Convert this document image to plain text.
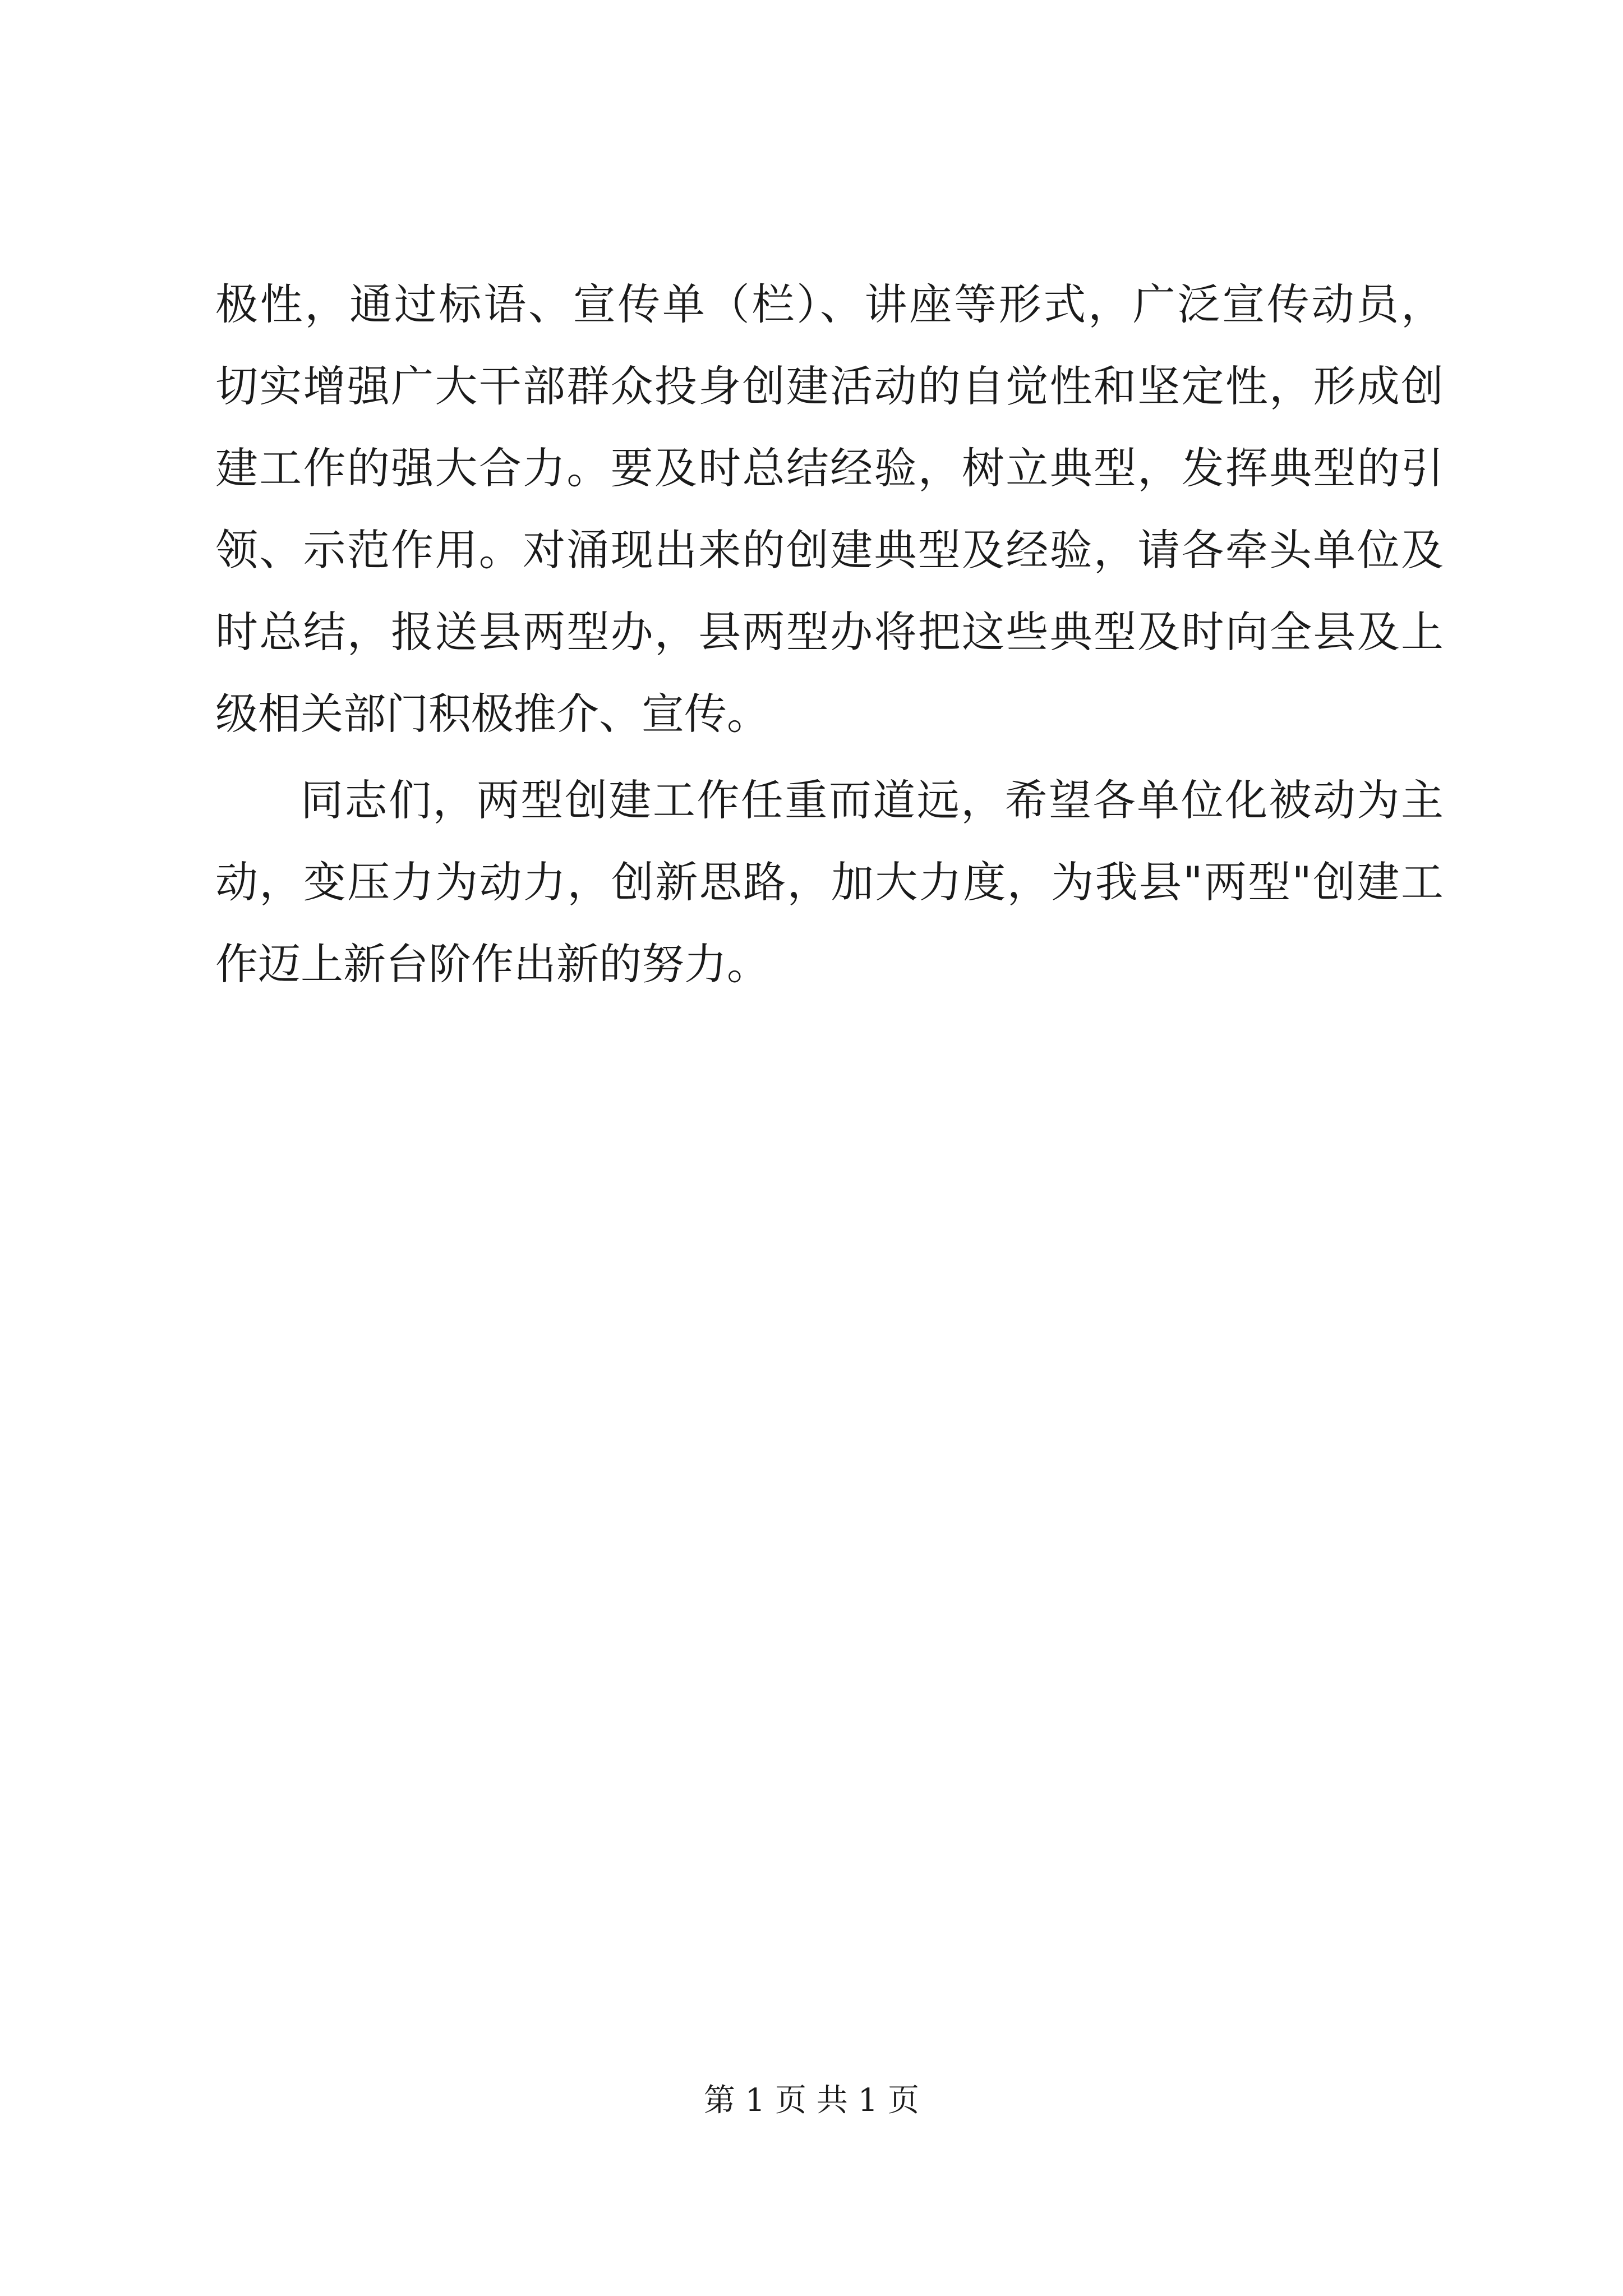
极性，通过标语、宣传单（栏）、讲座等形式，广泛宣传动员，
切实增强广大干部群众投身创建活动的自觉性和坚定性，形成创
建工作的强大合力。要及时总结经验，树立典型，发挥典型的引
领、示范作用。对涌现出来的创建典型及经验，请各牵头单位及
时总结，报送县两型办，县两型办将把这些典型及时向全县及上
级相关部门积极推介、宣传。
同志们，两型创建工作任重而道远，希望各单位化被动为主
动，变压力为动力，创新思路，加大力度，为我县"两型"创建工
作迈上新台阶作出新的努力。
第 1 页 共 1 页
